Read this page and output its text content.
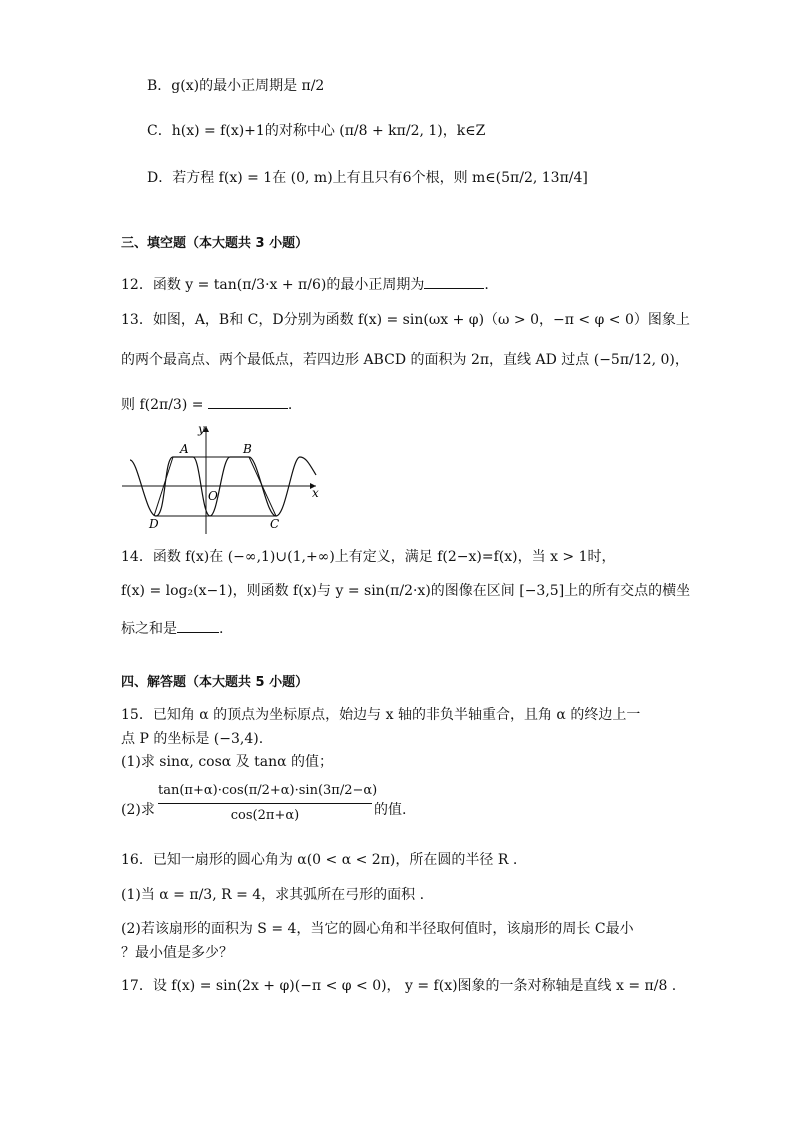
B．g(x)的最小正周期是 π/2
C．h(x) = f(x)+1的对称中心 (π/8 + kπ/2, 1)，k∈Z
D．若方程 f(x) = 1在 (0, m)上有且只有6个根，则 m∈(5π/2, 13π/4]
三、填空题（本大题共 3 小题）
12．函数 y = tan(π/3·x + π/6)的最小正周期为	.
13．如图，A，B和 C，D分别为函数 f(x) = sin(ωx + φ)（ω > 0，−π < φ < 0）图象上
的两个最高点、两个最低点，若四边形 ABCD 的面积为 2π，直线 AD 过点 (−5π/12, 0)，
则 f(2π/3) =	.
y
x
A	B
C
D
O
14．函数 f(x)在 (−∞,1)∪(1,+∞)上有定义，满足 f(2−x)=f(x)，当 x > 1时，
f(x) = log₂(x−1)，则函数 f(x)与 y = sin(π/2·x)的图像在区间 [−3,5]上的所有交点的横坐
标之和是	.
四、解答题（本大题共 5 小题）
15．已知角 α 的顶点为坐标原点，始边与 x 轴的非负半轴重合，且角 α 的终边上一
点 P 的坐标是 (−3,4).
(1)求 sinα, cosα 及 tanα 的值；
(2)求
tan(π+α)·cos(π/2+α)·sin(3π/2−α)
cos(2π+α)	的值.
16．已知一扇形的圆心角为 α(0 < α < 2π)，所在圆的半径 R .
(1)当 α = π/3, R = 4，求其弧所在弓形的面积 .
(2)若该扇形的面积为 S = 4，当它的圆心角和半径取何值时，该扇形的周长 C最小
？最小值是多少？
17．设 f(x) = sin(2x + φ)(−π < φ < 0)， y = f(x)图象的一条对称轴是直线 x = π/8 .
